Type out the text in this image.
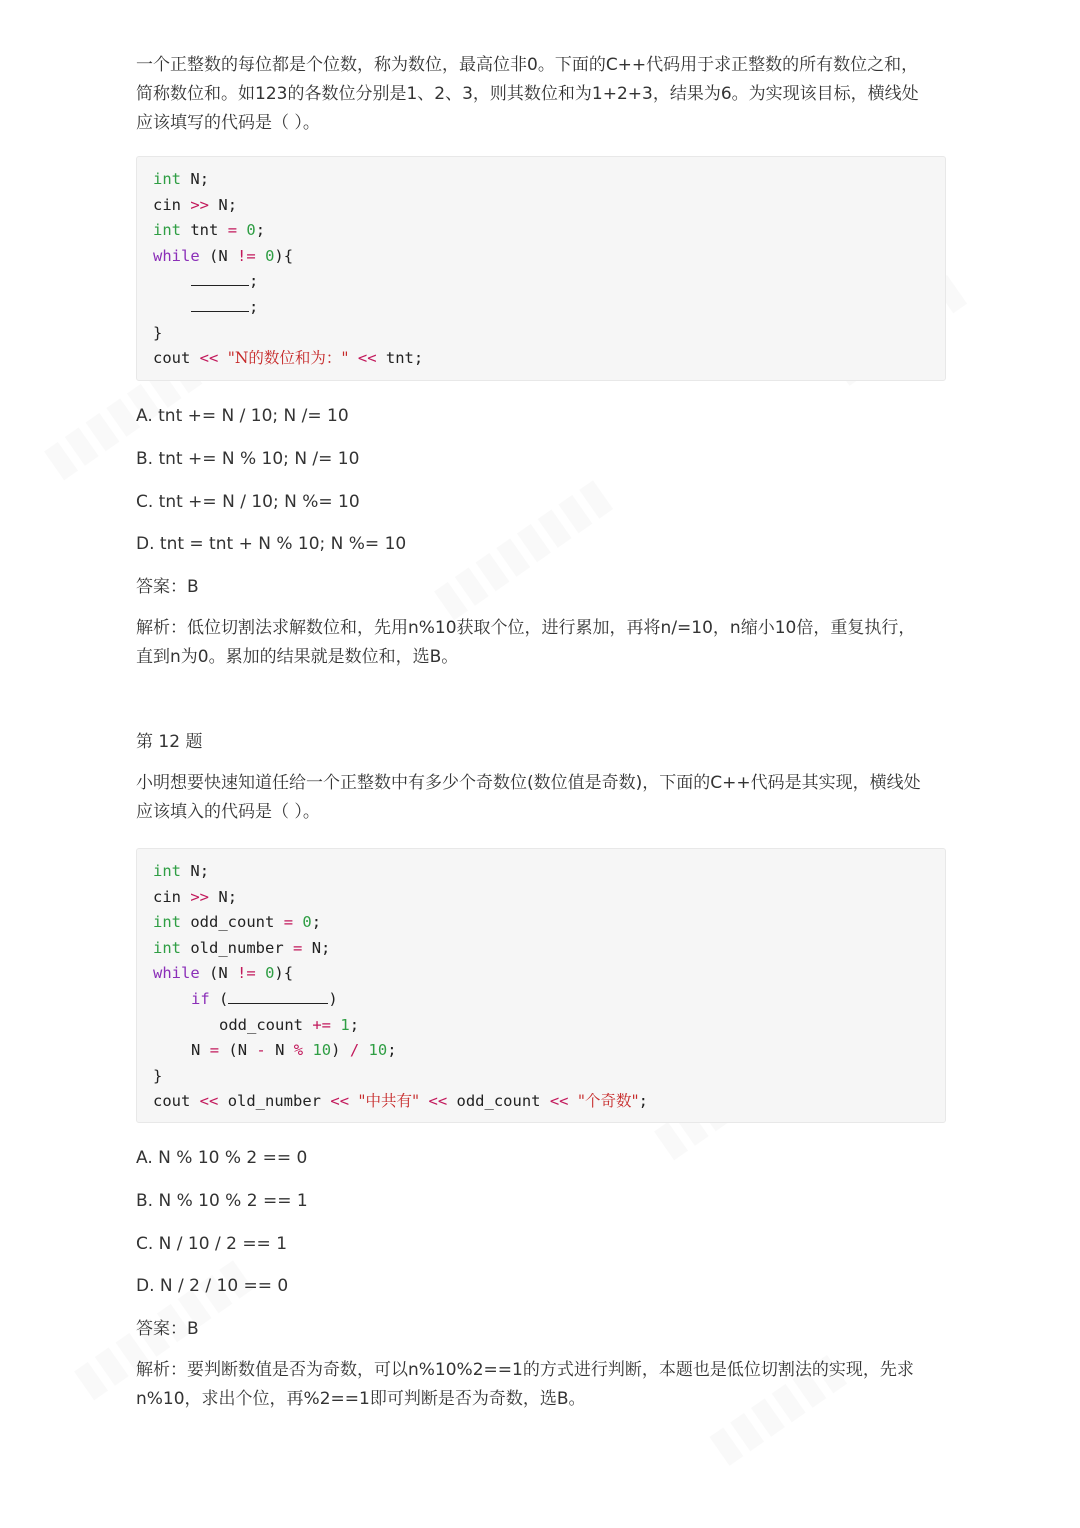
一个正整数的每位都是个位数，称为数位，最高位非0。下面的C++代码用于求正整数的所有数位之和，
简称数位和。如123的各数位分别是1、2、3，则其数位和为1+2+3，结果为6。为实现该目标，横线处
应该填写的代码是（ ）。

int N;
cin >> N;
int tnt = 0;
while (N != 0){
;
;
}
cout << "N的数位和为：" << tnt;
A. tnt += N / 10; N /= 10
B. tnt += N % 10; N /= 10
C. tnt += N / 10; N %= 10
D. tnt = tnt + N % 10; N %= 10
答案：B

解析：低位切割法求解数位和，先用n%10获取个位，进行累加，再将n/=10，n缩小10倍，重复执行，
直到n为0。累加的结果就是数位和，选B。

第 12 题

小明想要快速知道任给一个正整数中有多少个奇数位(数位值是奇数)，下面的C++代码是其实现，横线处
应该填入的代码是（ ）。

int N;
cin >> N;
int odd_count = 0;
int old_number = N;
while (N != 0){
if (	)
odd_count += 1;
N = (N - N % 10) / 10;
}
cout << old_number << "中共有" << odd_count << "个奇数";
A. N % 10 % 2 == 0
B. N % 10 % 2 == 1
C. N / 10 / 2 == 1
D. N / 2 / 10 == 0
答案：B

解析：要判断数值是否为奇数，可以n%10%2==1的方式进行判断，本题也是低位切割法的实现，先求
n%10，求出个位，再%2==1即可判断是否为奇数，选B。
